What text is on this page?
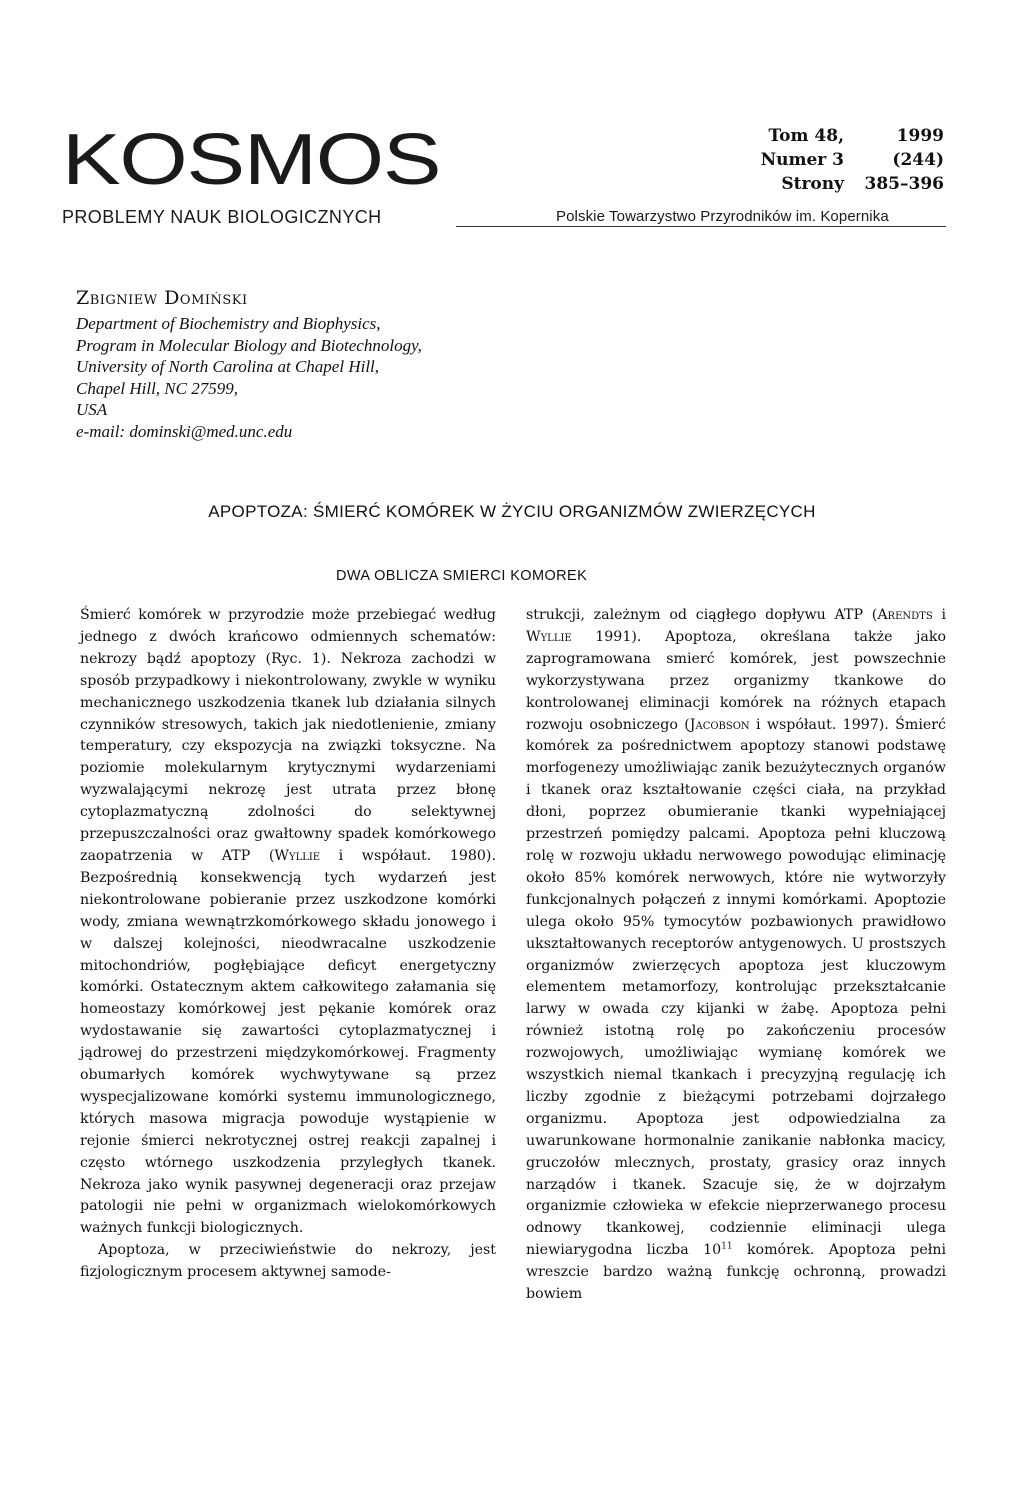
KOSMOS
PROBLEMY NAUK BIOLOGICZNYCH
Tom 48,	1999
Numer 3	(244)
Strony	385–396
Polskie Towarzystwo Przyrodników im. Kopernika
Zbigniew Domiński
Department of Biochemistry and Biophysics,
Program in Molecular Biology and Biotechnology,
University of North Carolina at Chapel Hill,
Chapel Hill, NC 27599,
USA
e-mail: dominski@med.unc.edu
APOPTOZA: ŚMIERĆ KOMÓREK W ŻYCIU ORGANIZMÓW ZWIERZĘCYCH
DWA OBLICZA SMIERCI KOMOREK

Śmierć komórek w przyrodzie może przebiegać według jednego z dwóch krańcowo odmiennych schematów: nekrozy bądź apoptozy (Ryc. 1). Nekroza zachodzi w sposób przypadkowy i niekontrolowany, zwykle w wyniku mechanicznego uszkodzenia tkanek lub działania silnych czynników stresowych, takich jak niedotlenienie, zmiany temperatury, czy ekspozycja na związki toksyczne. Na poziomie molekularnym krytycznymi wydarzeniami wyzwalającymi nekrozę jest utrata przez błonę cytoplazmatyczną zdolności do selektywnej przepuszczalności oraz gwałtowny spadek komórkowego zaopatrzenia w ATP (Wyllie i współaut. 1980). Bezpośrednią konsekwencją tych wydarzeń jest niekontrolowane pobieranie przez uszkodzone komórki wody, zmiana wewnątrzkomórkowego składu jonowego i w dalszej kolejności, nieodwracalne uszkodzenie mitochondriów, pogłębiające deficyt energetyczny komórki. Ostatecznym aktem całkowitego załamania się homeostazy komórkowej jest pękanie komórek oraz wydostawanie się zawartości cytoplazmatycznej i jądrowej do przestrzeni międzykomórkowej. Fragmenty obumarłych komórek wychwytywane są przez wyspecjalizowane komórki systemu immunologicznego, których masowa migracja powoduje wystąpienie w rejonie śmierci nekrotycznej ostrej reakcji zapalnej i często wtórnego uszkodzenia przyległych tkanek. Nekroza jako wynik pasywnej degeneracji oraz przejaw patologii nie pełni w organizmach wielokomórkowych ważnych funkcji biologicznych.

Apoptoza, w przeciwieństwie do nekrozy, jest fizjologicznym procesem aktywnej samode-

strukcji, zależnym od ciągłego dopływu ATP (Arendts i Wyllie 1991). Apoptoza, określana także jako zaprogramowana smierć komórek, jest powszechnie wykorzystywana przez organizmy tkankowe do kontrolowanej eliminacji komórek na różnych etapach rozwoju osobniczego (Jacobson i współaut. 1997). Śmierć komórek za pośrednictwem apoptozy stanowi podstawę morfogenezy umożliwiając zanik bezużytecznych organów i tkanek oraz kształtowanie części ciała, na przykład dłoni, poprzez obumieranie tkanki wypełniającej przestrzeń pomiędzy palcami. Apoptoza pełni kluczową rolę w rozwoju układu nerwowego powodując eliminację około 85% komórek nerwowych, które nie wytworzyły funkcjonalnych połączeń z innymi komórkami. Apoptozie ulega około 95% tymocytów pozbawionych prawidłowo ukształtowanych receptorów antygenowych. U prostszych organizmów zwierzęcych apoptoza jest kluczowym elementem metamorfozy, kontrolując przekształcanie larwy w owada czy kijanki w żabę. Apoptoza pełni również istotną rolę po zakończeniu procesów rozwojowych, umożliwiając wymianę komórek we wszystkich niemal tkankach i precyzyjną regulację ich liczby zgodnie z bieżącymi potrzebami dojrzałego organizmu. Apoptoza jest odpowiedzialna za uwarunkowane hormonalnie zanikanie nabłonka macicy, gruczołów mlecznych, prostaty, grasicy oraz innych narządów i tkanek. Szacuje się, że w dojrzałym organizmie człowieka w efekcie nieprzerwanego procesu odnowy tkankowej, codziennie eliminacji ulega niewiarygodna liczba $10^{11}$ komórek. Apoptoza pełni wreszcie bardzo ważną funkcję ochronną, prowadzi bowiem
